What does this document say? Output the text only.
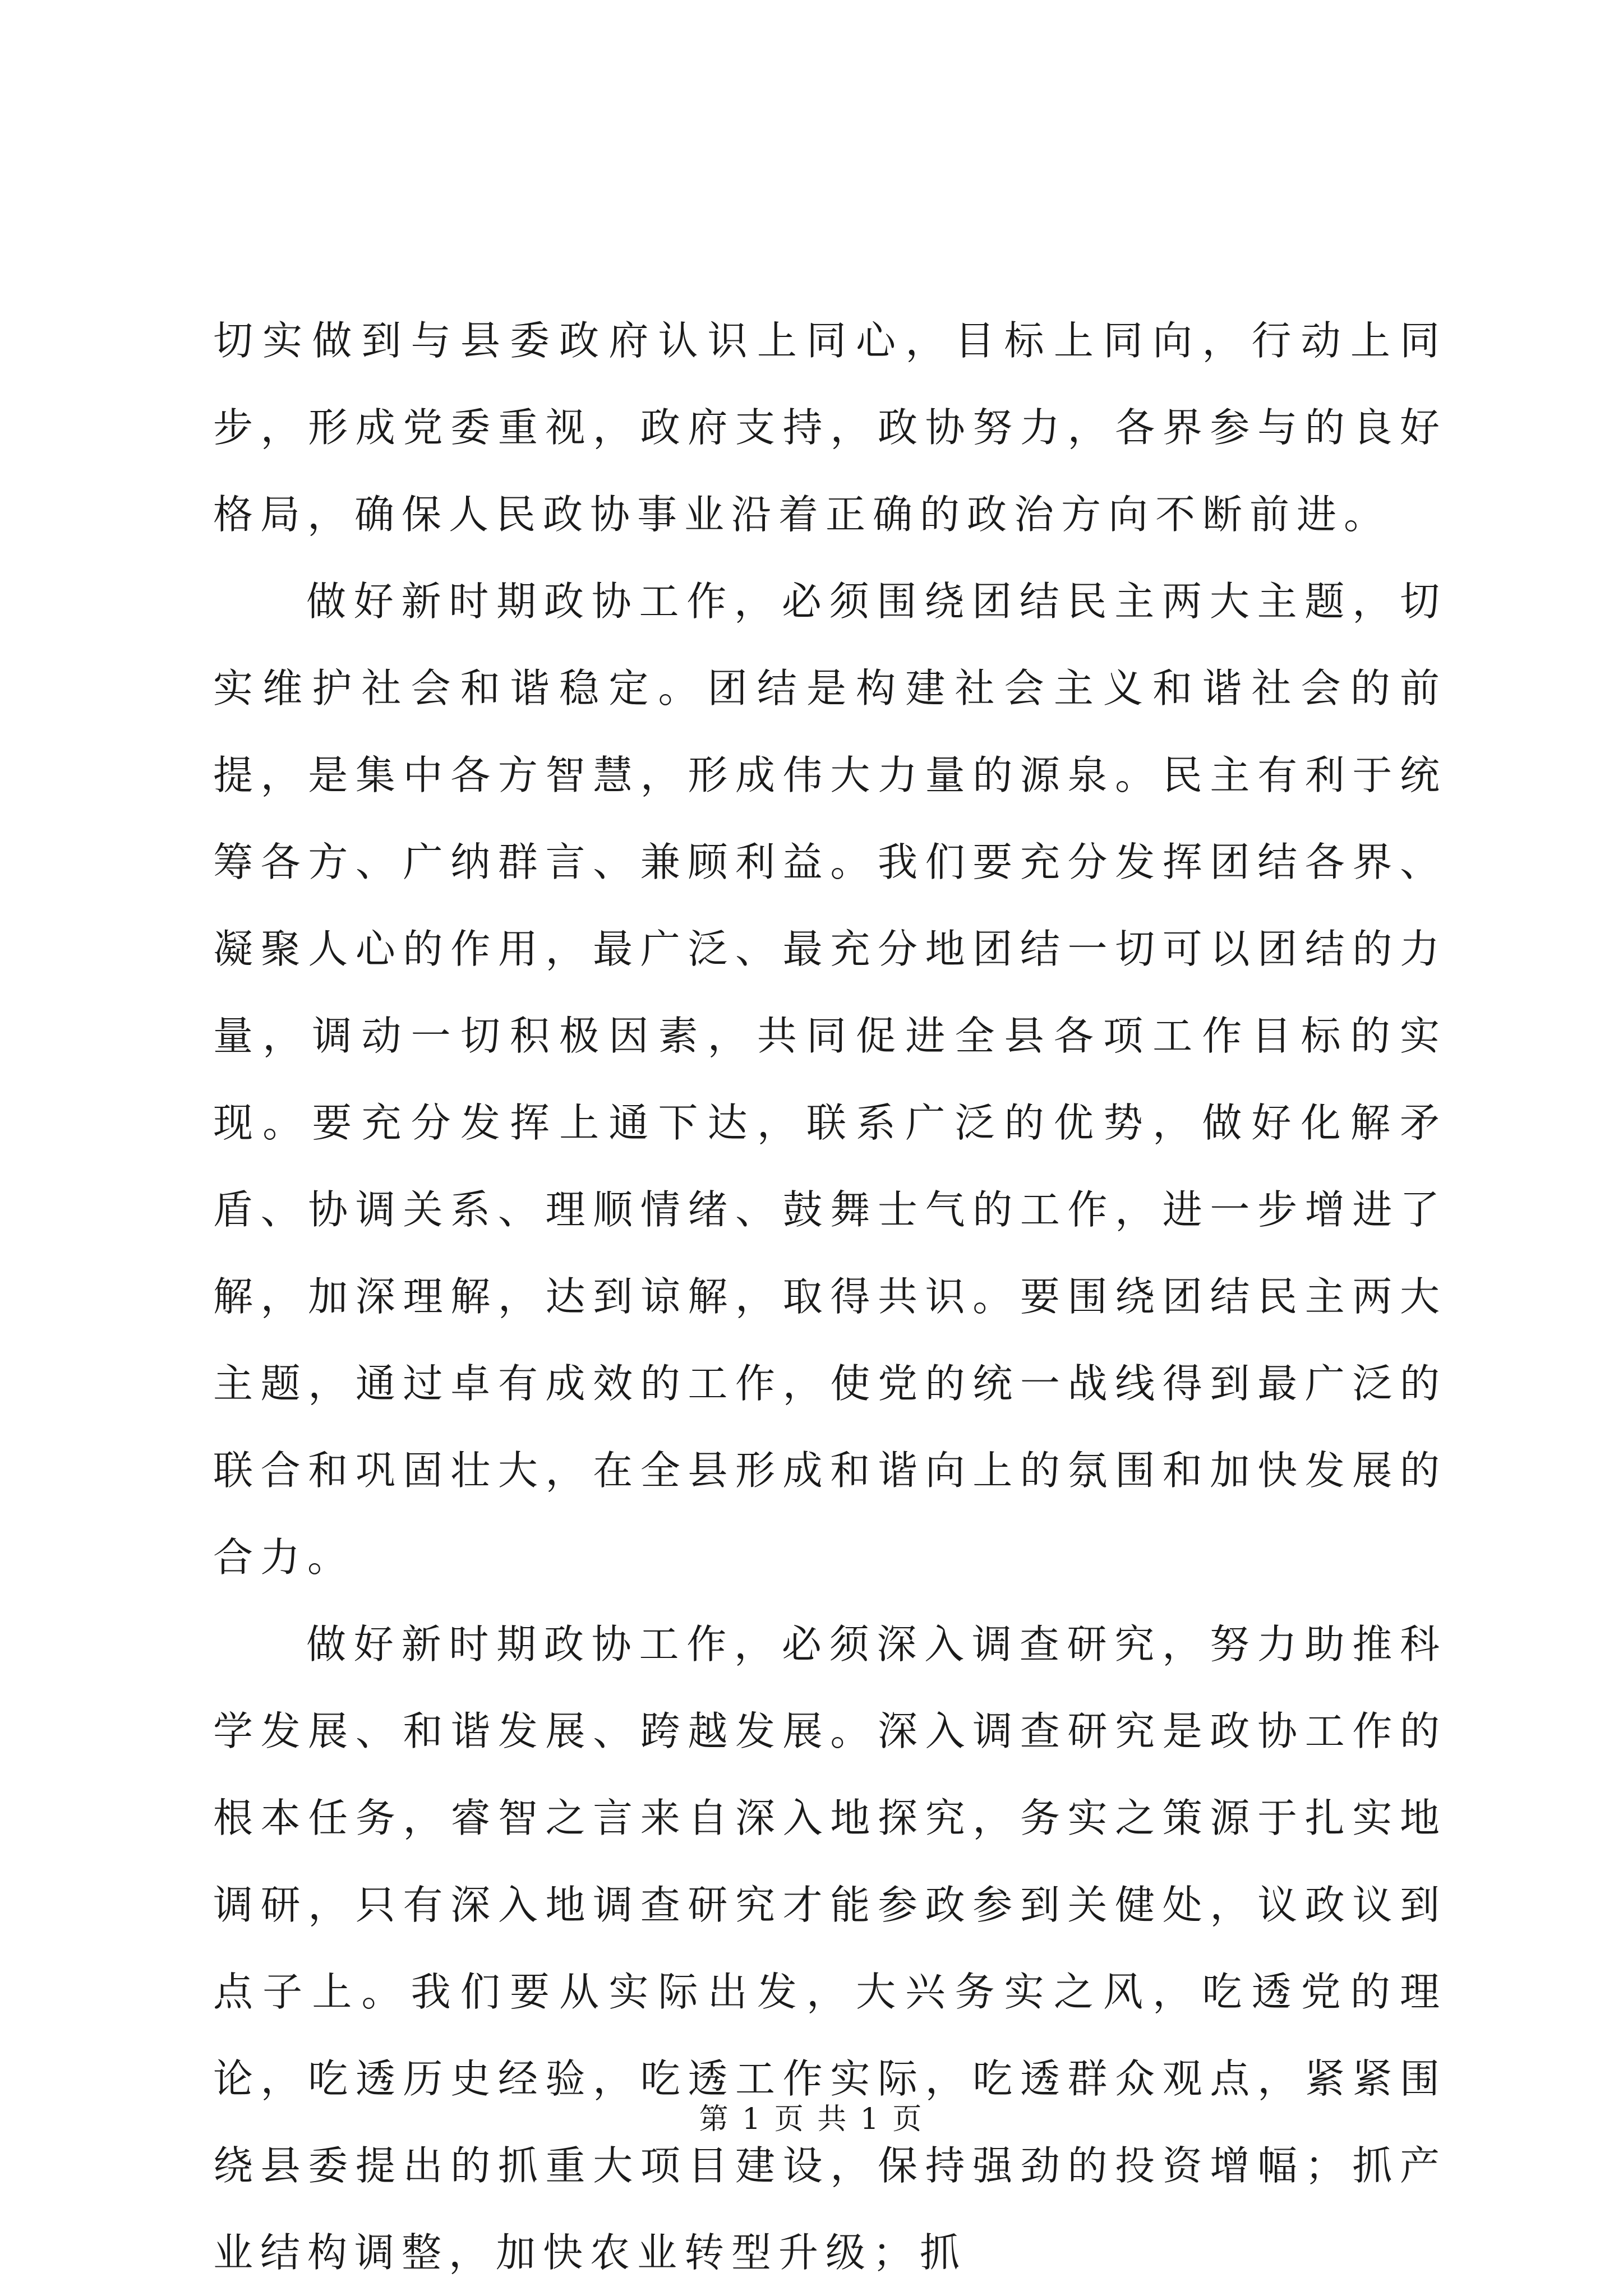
切实做到与县委政府认识上同心，目标上同向，行动上同步，形成党委重视，政府支持，政协努力，各界参与的良好格局，确保人民政协事业沿着正确的政治方向不断前进。

做好新时期政协工作，必须围绕团结民主两大主题，切实维护社会和谐稳定。团结是构建社会主义和谐社会的前提，是集中各方智慧，形成伟大力量的源泉。民主有利于统筹各方、广纳群言、兼顾利益。我们要充分发挥团结各界、凝聚人心的作用，最广泛、最充分地团结一切可以团结的力量，调动一切积极因素，共同促进全县各项工作目标的实现。要充分发挥上通下达，联系广泛的优势，做好化解矛盾、协调关系、理顺情绪、鼓舞士气的工作，进一步增进了解，加深理解，达到谅解，取得共识。要围绕团结民主两大主题，通过卓有成效的工作，使党的统一战线得到最广泛的联合和巩固壮大，在全县形成和谐向上的氛围和加快发展的合力。

做好新时期政协工作，必须深入调查研究，努力助推科学发展、和谐发展、跨越发展。深入调查研究是政协工作的根本任务，睿智之言来自深入地探究，务实之策源于扎实地调研，只有深入地调查研究才能参政参到关健处，议政议到点子上。我们要从实际出发，大兴务实之风，吃透党的理论，吃透历史经验，吃透工作实际，吃透群众观点，紧紧围绕县委提出的抓重大项目建设，保持强劲的投资增幅；抓产业结构调整，加快农业转型升级；抓

第 1 页 共 1 页
